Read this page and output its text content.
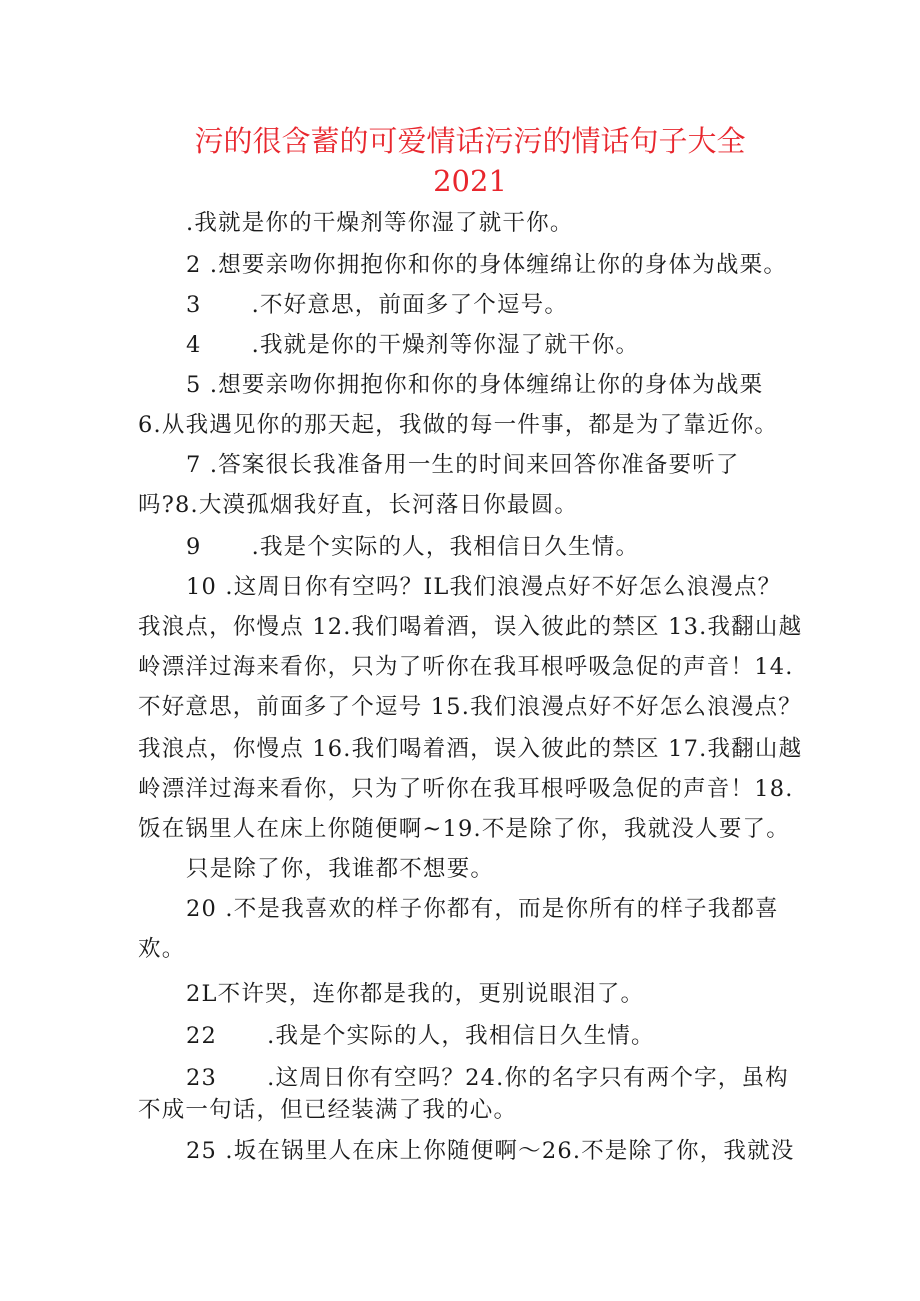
污的很含蓄的可爱情话污污的情话句子大全
2021
.我就是你的干燥剂等你湿了就干你。
2 .想要亲吻你拥抱你和你的身体缠绵让你的身体为战栗。
3      .不好意思，前面多了个逗号。
4      .我就是你的干燥剂等你湿了就干你。
5 .想要亲吻你拥抱你和你的身体缠绵让你的身体为战栗
6.从我遇见你的那天起，我做的每一件事，都是为了靠近你。
7 .答案很长我准备用一生的时间来回答你准备要听了
吗?8.大漠孤烟我好直，长河落日你最圆。
9      .我是个实际的人，我相信日久生情。
10 .这周日你有空吗？IL我们浪漫点好不好怎么浪漫点？
我浪点，你慢点 12.我们喝着酒，误入彼此的禁区 13.我翻山越
岭漂洋过海来看你，只为了听你在我耳根呼吸急促的声音！14.
不好意思，前面多了个逗号 15.我们浪漫点好不好怎么浪漫点？
我浪点，你慢点 16.我们喝着酒，误入彼此的禁区 17.我翻山越
岭漂洋过海来看你，只为了听你在我耳根呼吸急促的声音！18.
饭在锅里人在床上你随便啊~19.不是除了你，我就没人要了。
只是除了你，我谁都不想要。
20 .不是我喜欢的样子你都有，而是你所有的样子我都喜
欢。
2L不许哭，连你都是我的，更别说眼泪了。
22      .我是个实际的人，我相信日久生情。
23      .这周日你有空吗？24.你的名字只有两个字，虽构
不成一句话，但已经装满了我的心。
25 .坂在锅里人在床上你随便啊～26.不是除了你，我就没
